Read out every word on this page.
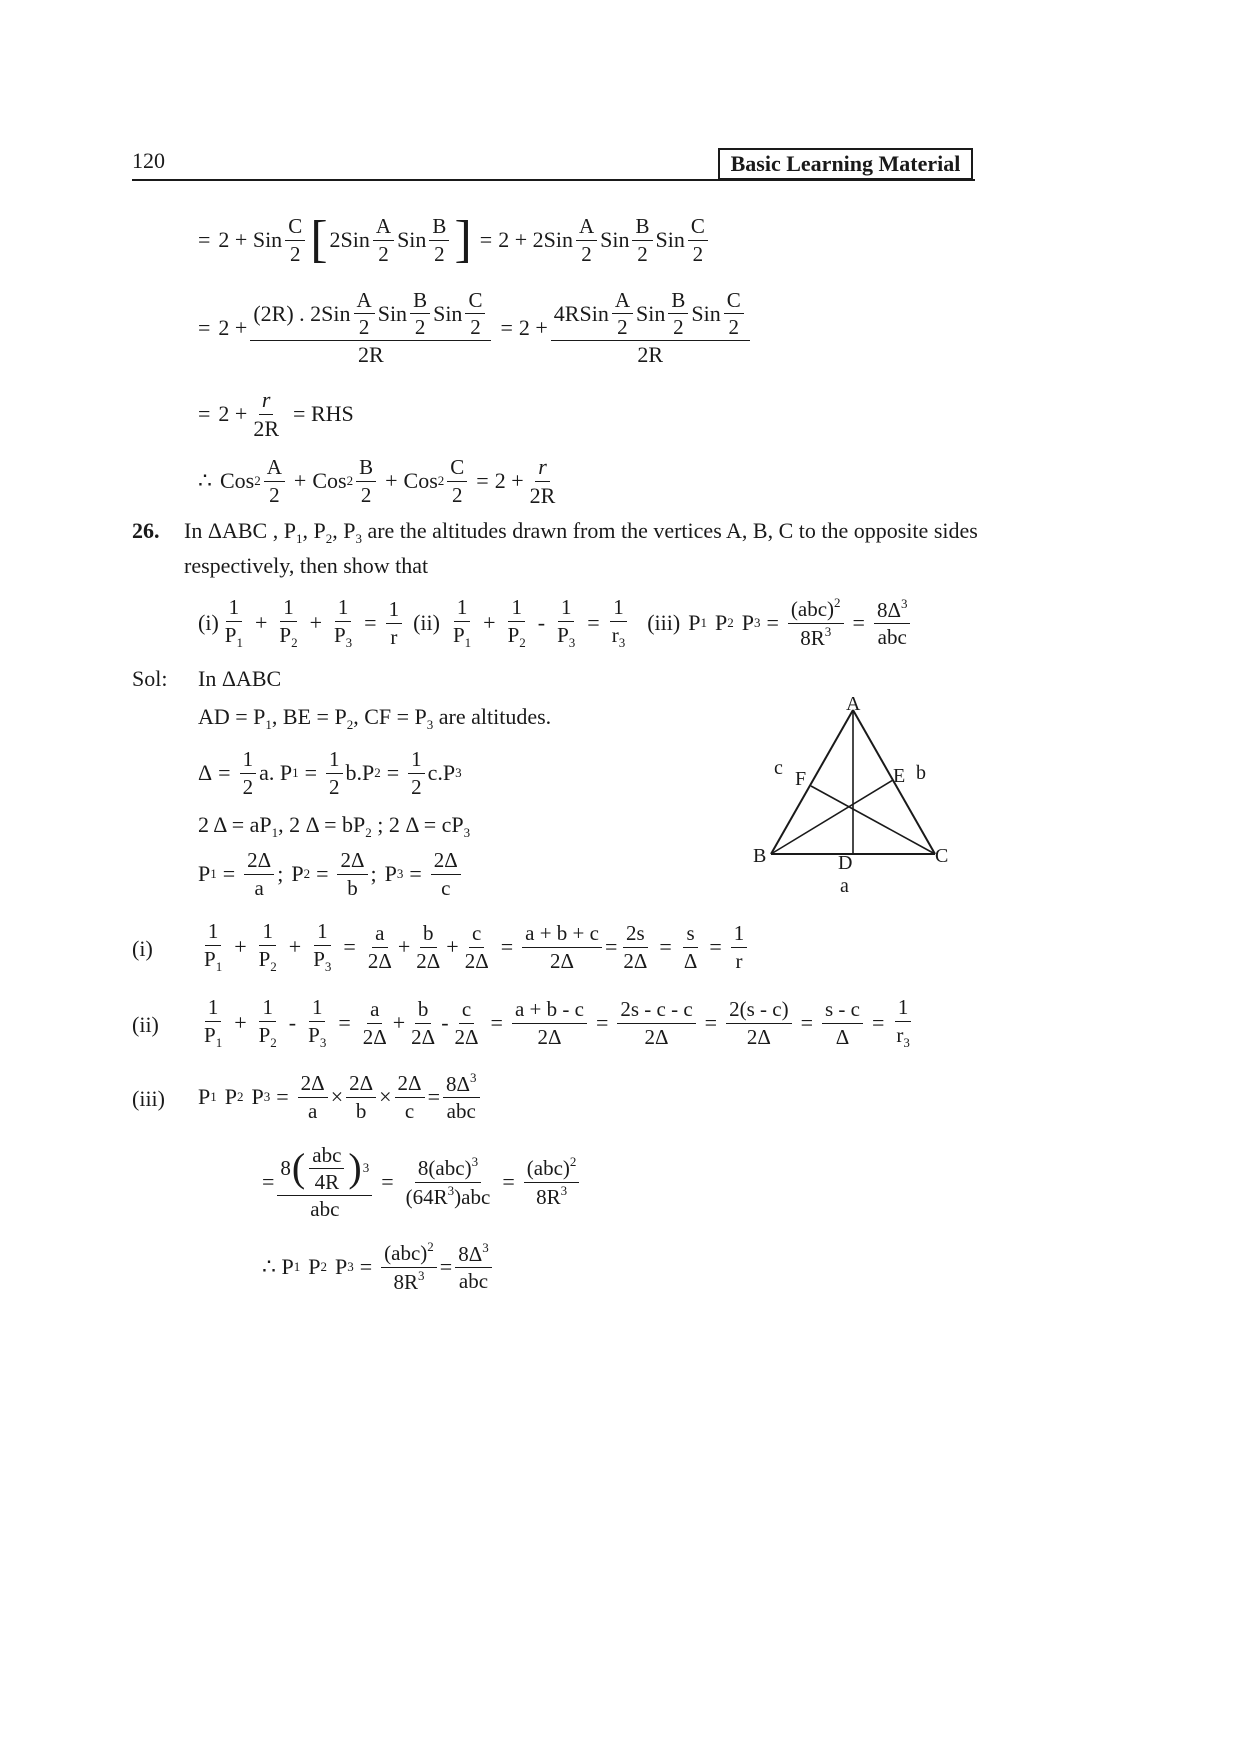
120	Basic Learning Material
= 2 + Sin $\frac{C}{2}$ [ $2Sin \frac{A}{2}$ Sin $\frac{B}{2}$ ] = $2 + 2Sin \frac{A}{2}$ Sin $\frac{B}{2}$ Sin $\frac{C}{2}$
= $2 + \frac{(2R) . 2Sin \frac{A}{2} Sin \frac{B}{2} Sin \frac{C}{2}}{2R} = 2 + \frac{4RSin \frac{A}{2} Sin \frac{B}{2} Sin \frac{C}{2}}{2R}$
= $2 + \frac{r}{2R}$ = RHS
∴ Cos $2 \frac{A}{2}$ + Cos $2 \frac{B}{2}$ + Cos $2 \frac{C}{2} = 2 + \frac{r}{2R}$
26. In ΔABC , $P_1$, $P_2$, $P_3$ are the altitudes drawn from the vertices A, B, C to the opposite sides
respectively, then show that
$(i) \frac{1}{P_1} + \frac{1}{P_2} + \frac{1}{P_3} = \frac{1}{r} (ii) \frac{1}{P_1} + \frac{1}{P_2} - \frac{1}{P_3} = \frac{1}{r_3} (iii)$ P 1 P 2 P $3 = \frac{(abc)^2}{8R^3} = \frac{8\Delta^3}{\text{abc}}$
Sol: In ΔABC
AD = $P_1$, BE = $P_2$, CF = $P_3$ are altitudes.
$\Delta = \frac{1}{2} a$. P $1 = \frac{1}{2} b.P$ $2 = \frac{1}{2} c.P$ 3
2 $\Delta = aP_1$, 2 $\Delta = bP_2$ ; 2 $\Delta = cP_3$
P $1 = \frac{2\Delta}{a}$ ; P $2 = \frac{2\Delta}{b}$ ; P $3 = \frac{2\Delta}{c}$
A
B	C
D
E
F
a
b
c
$(i) \frac{1}{P_1} + \frac{1}{P_2} + \frac{1}{P_3} = \frac{a}{2\Delta} + \frac{b}{2\Delta} + \frac{c}{2\Delta} = \frac{a + b + c}{2\Delta} = \frac{2s}{2\Delta} = \frac{s}{\Delta} = \frac{1}{r}$
$(ii) \frac{1}{P_1} + \frac{1}{P_2} - \frac{1}{P_3} = \frac{a}{2\Delta} + \frac{b}{2\Delta} - \frac{c}{2\Delta} = \frac{a + b - c}{2\Delta} = \frac{2s - c - c}{2\Delta} = \frac{2(s - c)}{2\Delta} = \frac{s - c}{\Delta} = \frac{1}{r_3}$
(iii) P 1 P 2 P $3 = \frac{2\Delta}{a} \times \frac{2\Delta}{b} \times \frac{2\Delta}{c} = \frac{8\Delta^3}{\text{abc}}$
= $\frac{8 ( \frac{\text{abc}}{4R} ) 3}{\text{abc}} = \frac{8(abc)^3}{(64R^3)abc} = \frac{(abc)^2}{8R^3}$
∴ P 1 P 2 P $3 = \frac{(abc)^2}{8R^3} = \frac{8\Delta^3}{\text{abc}}$
